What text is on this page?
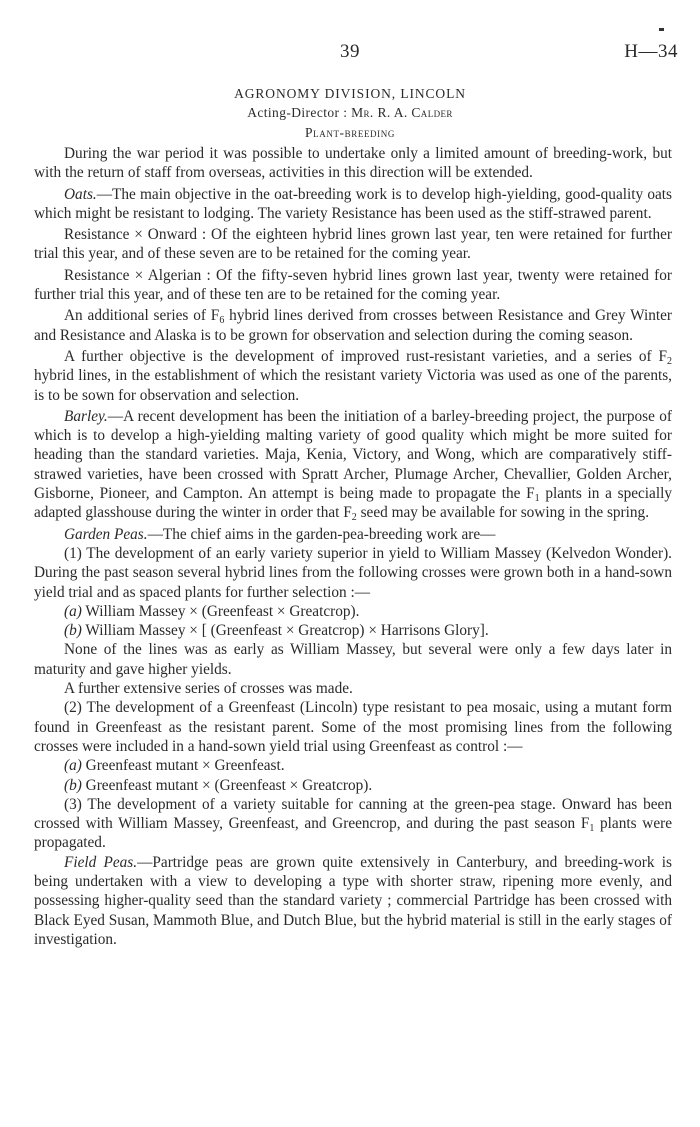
39	H—34
AGRONOMY DIVISION, LINCOLN
Acting-Director : Mr. R. A. Calder
Plant-breeding

During the war period it was possible to undertake only a limited amount of breeding-work, but with the return of staff from overseas, activities in this direction will be extended.

Oats.—The main objective in the oat-breeding work is to develop high-yielding, good-quality oats which might be resistant to lodging. The variety Resistance has been used as the stiff-strawed parent.

Resistance × Onward : Of the eighteen hybrid lines grown last year, ten were retained for further trial this year, and of these seven are to be retained for the coming year.

Resistance × Algerian : Of the fifty-seven hybrid lines grown last year, twenty were retained for further trial this year, and of these ten are to be retained for the coming year.

An additional series of $F_6$ hybrid lines derived from crosses between Resistance and Grey Winter and Resistance and Alaska is to be grown for observation and selection during the coming season.

A further objective is the development of improved rust-resistant varieties, and a series of $F_2$ hybrid lines, in the establishment of which the resistant variety Victoria was used as one of the parents, is to be sown for observation and selection.

Barley.—A recent development has been the initiation of a barley-breeding project, the purpose of which is to develop a high-yielding malting variety of good quality which might be more suited for heading than the standard varieties. Maja, Kenia, Victory, and Wong, which are comparatively stiff-strawed varieties, have been crossed with Spratt Archer, Plumage Archer, Chevallier, Golden Archer, Gisborne, Pioneer, and Campton. An attempt is being made to propagate the $F_1$ plants in a specially adapted glasshouse during the winter in order that $F_2$ seed may be available for sowing in the spring.

Garden Peas.—The chief aims in the garden-pea-breeding work are—

(1) The development of an early variety superior in yield to William Massey (Kelvedon Wonder). During the past season several hybrid lines from the following crosses were grown both in a hand-sown yield trial and as spaced plants for further selection :—

(a) William Massey × (Greenfeast × Greatcrop).

(b) William Massey × [ (Greenfeast × Greatcrop) × Harrisons Glory].

None of the lines was as early as William Massey, but several were only a few days later in maturity and gave higher yields.

A further extensive series of crosses was made.

(2) The development of a Greenfeast (Lincoln) type resistant to pea mosaic, using a mutant form found in Greenfeast as the resistant parent. Some of the most promising lines from the following crosses were included in a hand-sown yield trial using Greenfeast as control :—

(a) Greenfeast mutant × Greenfeast.

(b) Greenfeast mutant × (Greenfeast × Greatcrop).

(3) The development of a variety suitable for canning at the green-pea stage. Onward has been crossed with William Massey, Greenfeast, and Greencrop, and during the past season $F_1$ plants were propagated.

Field Peas.—Partridge peas are grown quite extensively in Canterbury, and breeding-work is being undertaken with a view to developing a type with shorter straw, ripening more evenly, and possessing higher-quality seed than the standard variety ; commercial Partridge has been crossed with Black Eyed Susan, Mammoth Blue, and Dutch Blue, but the hybrid material is still in the early stages of investigation.
